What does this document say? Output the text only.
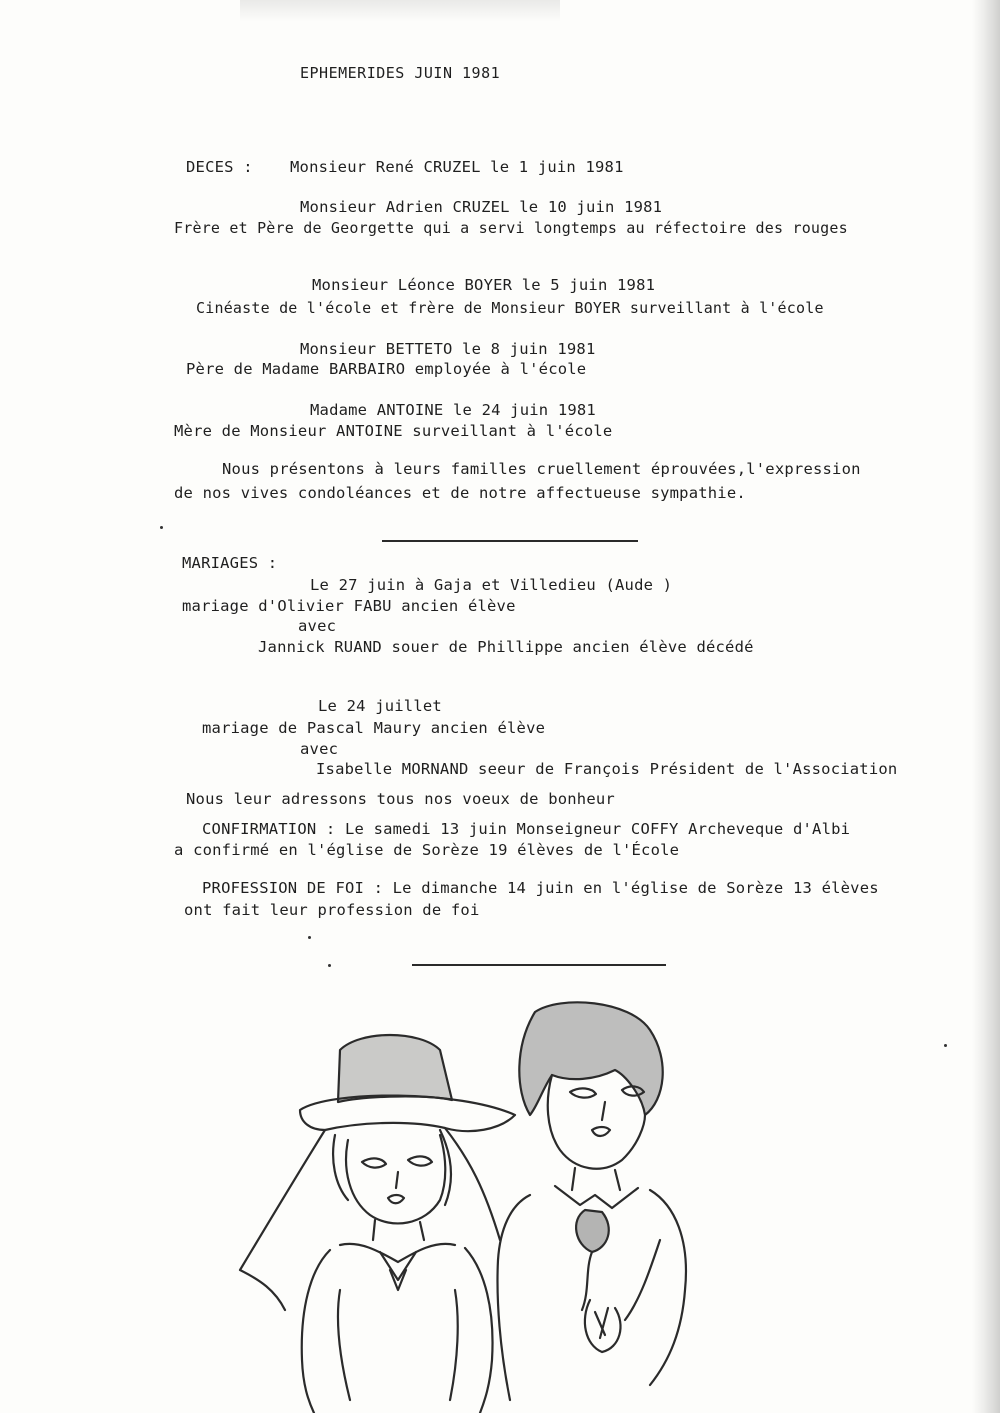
EPHEMERIDES JUIN 1981
DECES : Monsieur René CRUZEL le 1 juin 1981
Monsieur Adrien CRUZEL le 10 juin 1981
Frère et Père de Georgette qui a servi longtemps au réfectoire des rouges
Monsieur Léonce BOYER le 5 juin 1981
Cinéaste de l'école et frère de Monsieur BOYER surveillant à l'école
Monsieur BETTETO le 8 juin 1981
Père de Madame BARBAIRO employée à l'école
Madame ANTOINE le 24 juin 1981
Mère de Monsieur ANTOINE surveillant à l'école
Nous présentons à leurs familles cruellement éprouvées,l'expression
de nos vives condoléances et de notre affectueuse sympathie.
MARIAGES :
Le 27 juin à Gaja et Villedieu (Aude )
mariage d'Olivier FABU ancien élève
avec
Jannick RUAND souer de Phillippe ancien élève décédé
Le 24 juillet
mariage de Pascal Maury ancien élève
avec
Isabelle MORNAND seeur de François Président de l'Association
Nous leur adressons tous nos voeux de bonheur
CONFIRMATION : Le samedi 13 juin Monseigneur COFFY Archeveque d'Albi
a confirmé en l'église de Sorèze 19 élèves de l'École
PROFESSION DE FOI : Le dimanche 14 juin en l'église de Sorèze 13 élèves
ont fait leur profession de foi
